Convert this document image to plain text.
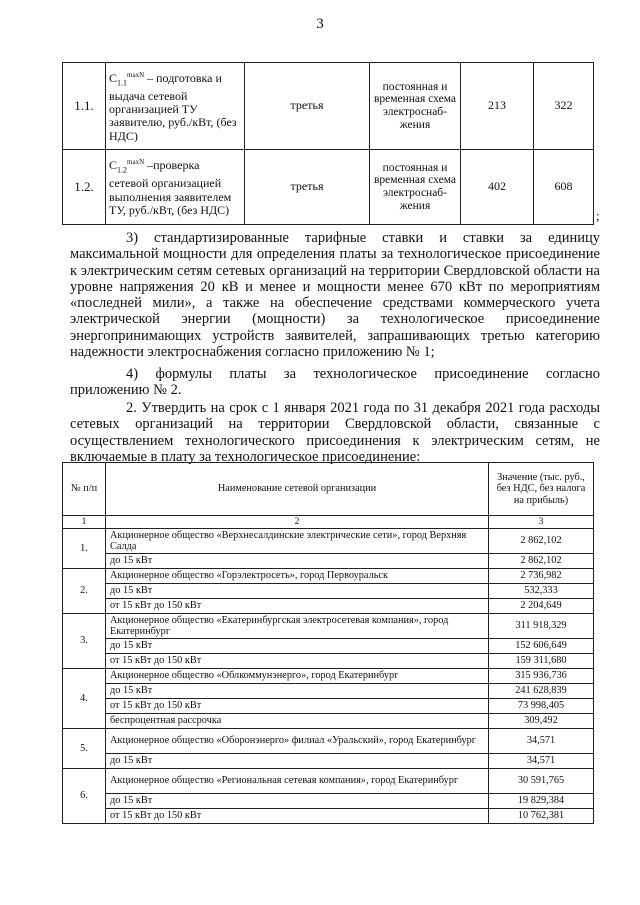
3
1.1.	$C_{1.1}^{maxN}$ – подготовка и выдача сетевой организацией ТУ заявителю, руб./кВт, (без НДС)	третья	постоянная и временная схема электроснаб-жения	213	322
1.2.	$C_{1.2}^{maxN}$ –проверка сетевой организацией выполнения заявителем ТУ, руб./кВт, (без НДС)	третья	постоянная и временная схема электроснаб-жения	402	608
;

3) стандартизированные тарифные ставки и ставки за единицу максимальной мощности для определения платы за технологическое присоединение к электрическим сетям сетевых организаций на территории Свердловской области на уровне напряжения 20 кВ и менее и мощности менее 670 кВт по мероприятиям «последней мили», а также на обеспечение средствами коммерческого учета электрической энергии (мощности) за технологическое присоединение энергопринимающих устройств заявителей, запрашивающих третью категорию надежности электроснабжения согласно приложению № 1;

4) формулы платы за технологическое присоединение согласно приложению № 2.

2. Утвердить на срок с 1 января 2021 года по 31 декабря 2021 года расходы сетевых организаций на территории Свердловской области, связанные с осуществлением технологического присоединения к электрическим сетям, не включаемые в плату за технологическое присоединение:

№ п/п	Наименование сетевой организации	Значение (тыс. руб., без НДС, без налога на прибыль)
1	2	3
1.	Акционерное общество «Верхнесалдинские электрические сети», город Верхняя Салда	2 862,102
	до 15 кВт	2 862,102
2.	Акционерное общество «Горэлектросеть», город Первоуральск	2 736,982
	до 15 кВт	532,333
	от 15 кВт до 150 кВт	2 204,649
3.	Акционерное общество «Екатеринбургская электросетевая компания», город Екатеринбург	311 918,329
	до 15 кВт	152 606,649
	от 15 кВт до 150 кВт	159 311,680
4.	Акционерное общество «Облкоммунэнерго», город Екатеринбург	315 936,736
	до 15 кВт	241 628,839
	от 15 кВт до 150 кВт	73 998,405
	беспроцентная рассрочка	309,492
5.	Акционерное общество «Оборонэнерго» филиал «Уральский», город Екатеринбург	34,571
	до 15 кВт	34,571
6.	Акционерное общество «Региональная сетевая компания», город Екатеринбург	30 591,765
	до 15 кВт	19 829,384
	от 15 кВт до 150 кВт	10 762,381
